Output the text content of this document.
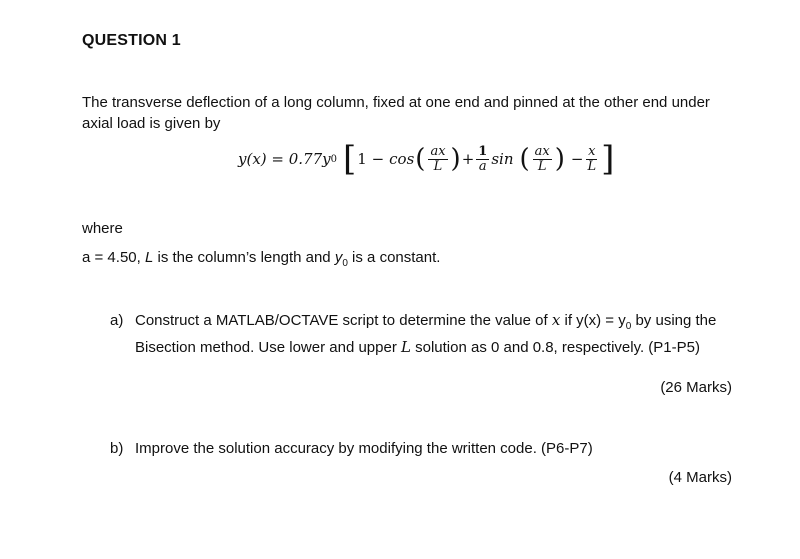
QUESTION 1
The transverse deflection of a long column, fixed at one end and pinned at the other end under axial load is given by
y(x) = 0.77y 0 [ 1 − cos ( $\frac{ax}{L}$ ) + $\frac{1}{a}$ sin ( $\frac{ax}{L}$ ) − $\frac{x}{L}$ ]
where
a = 4.50, L is the column’s length and $y_0$ is a constant.
a) Construct a MATLAB/OCTAVE script to determine the value of x if $y(x) = y_0$ by using the Bisection method. Use lower and upper L solution as 0 and 0.8, respectively. (P1-P5)
(26 Marks)
b) Improve the solution accuracy by modifying the written code. (P6-P7)
(4 Marks)
